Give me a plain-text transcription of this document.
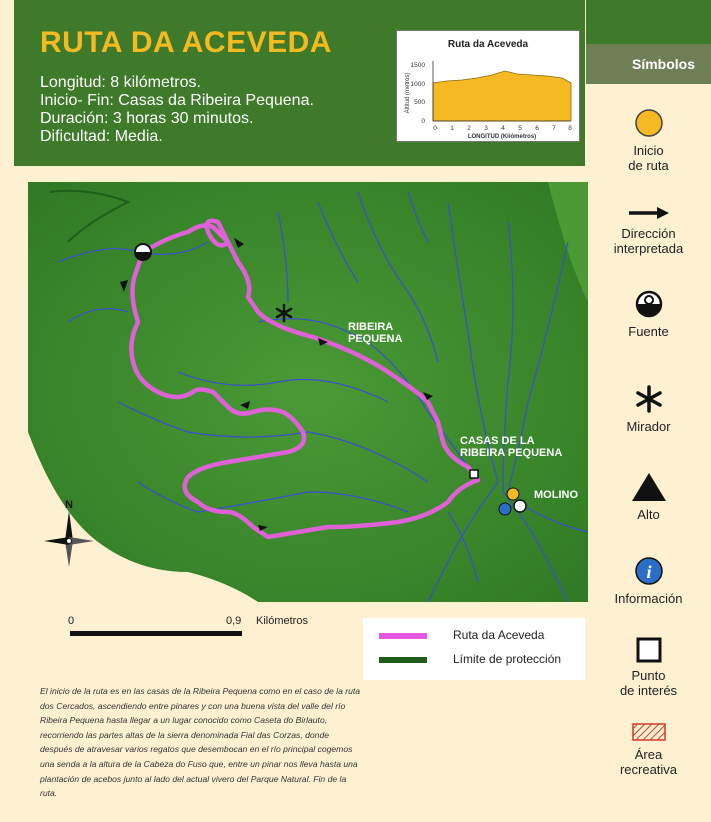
RUTA DA ACEVEDA
Longitud: 8 kilómetros.
Inicio- Fin: Casas da Ribeira Pequena.
Duración: 3 horas 30 minutos.
Dificultad: Media.
Ruta da Aceveda
Altitud (metros)
1500
1000
500
0
0 1 2 3 4 5 6 7 8
LONGITUD (Kilómetros)
Símbolos
Inicio
de ruta
Dirección
interpretada
Fuente
Mirador
Alto
i
Información
Punto
de interés
Área
recreativa
RIBEIRA
PEQUENA
CASAS DE LA
RIBEIRA PEQUENA
MOLINO
N
0	0,9 Kilómetros
Ruta da Aceveda
Límite de protección
El inicio de la ruta es en las casas de la Ribeira Pequena como en el caso de la ruta dos Cercados, ascendiendo entre pinares y con una buena vista del valle del río Ribeira Pequena hasta llegar a un lugar conocido como Caseta do Birlauto, recorriendo las partes altas de la sierra denominada Fial das Corzas, donde después de atravesar varios regatos que desembocan en el río principal cogemos una senda a la altura de la Cabeza do Fuso que, entre un pinar nos lleva hasta una plantación de acebos junto al lado del actual vivero del Parque Natural. Fin de la ruta.
